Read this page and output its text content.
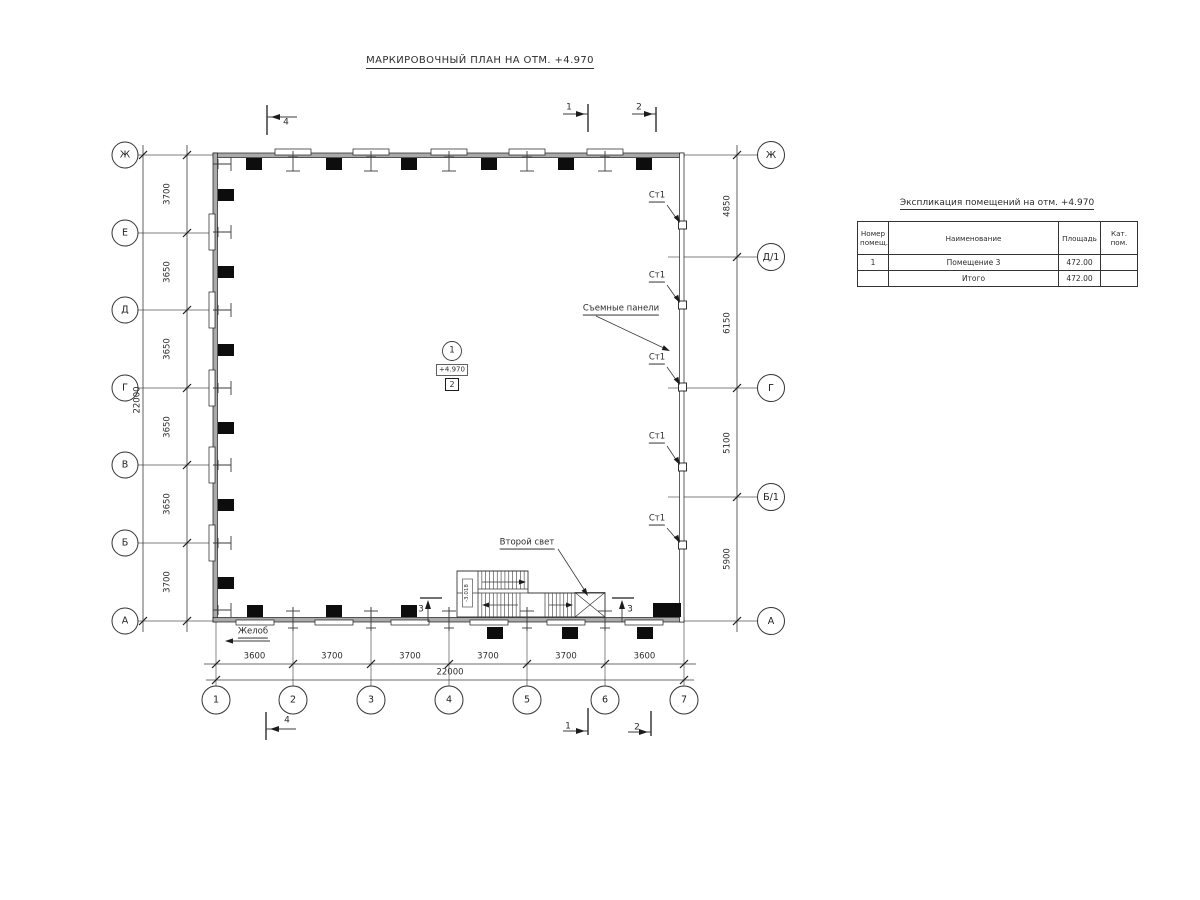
Ж
Е
Д
Г
В
Б
А
Ж
Д/1
Г
Б/1
А
1	2	3	4	5	6	7
3700
3650
3650
3650
3650
3700
22000
4850
6150
5100
5900
3600	3700	3700	3700	3700	3600
22000
Ст1
Ст1
Ст1
Ст1
Ст1
Съемные панели
Второй свет
Желоб
1
+4.970
2
-3.018
4
1	2
4
1	2
3	3
МАРКИРОВОЧНЫЙ ПЛАН НА ОТМ. +4.970
Экспликация помещений на отм. +4.970
Номер помещ.	Наименование	Площадь	Кат. пом.
1	Помещение 3	472.00	
	Итого	472.00	
